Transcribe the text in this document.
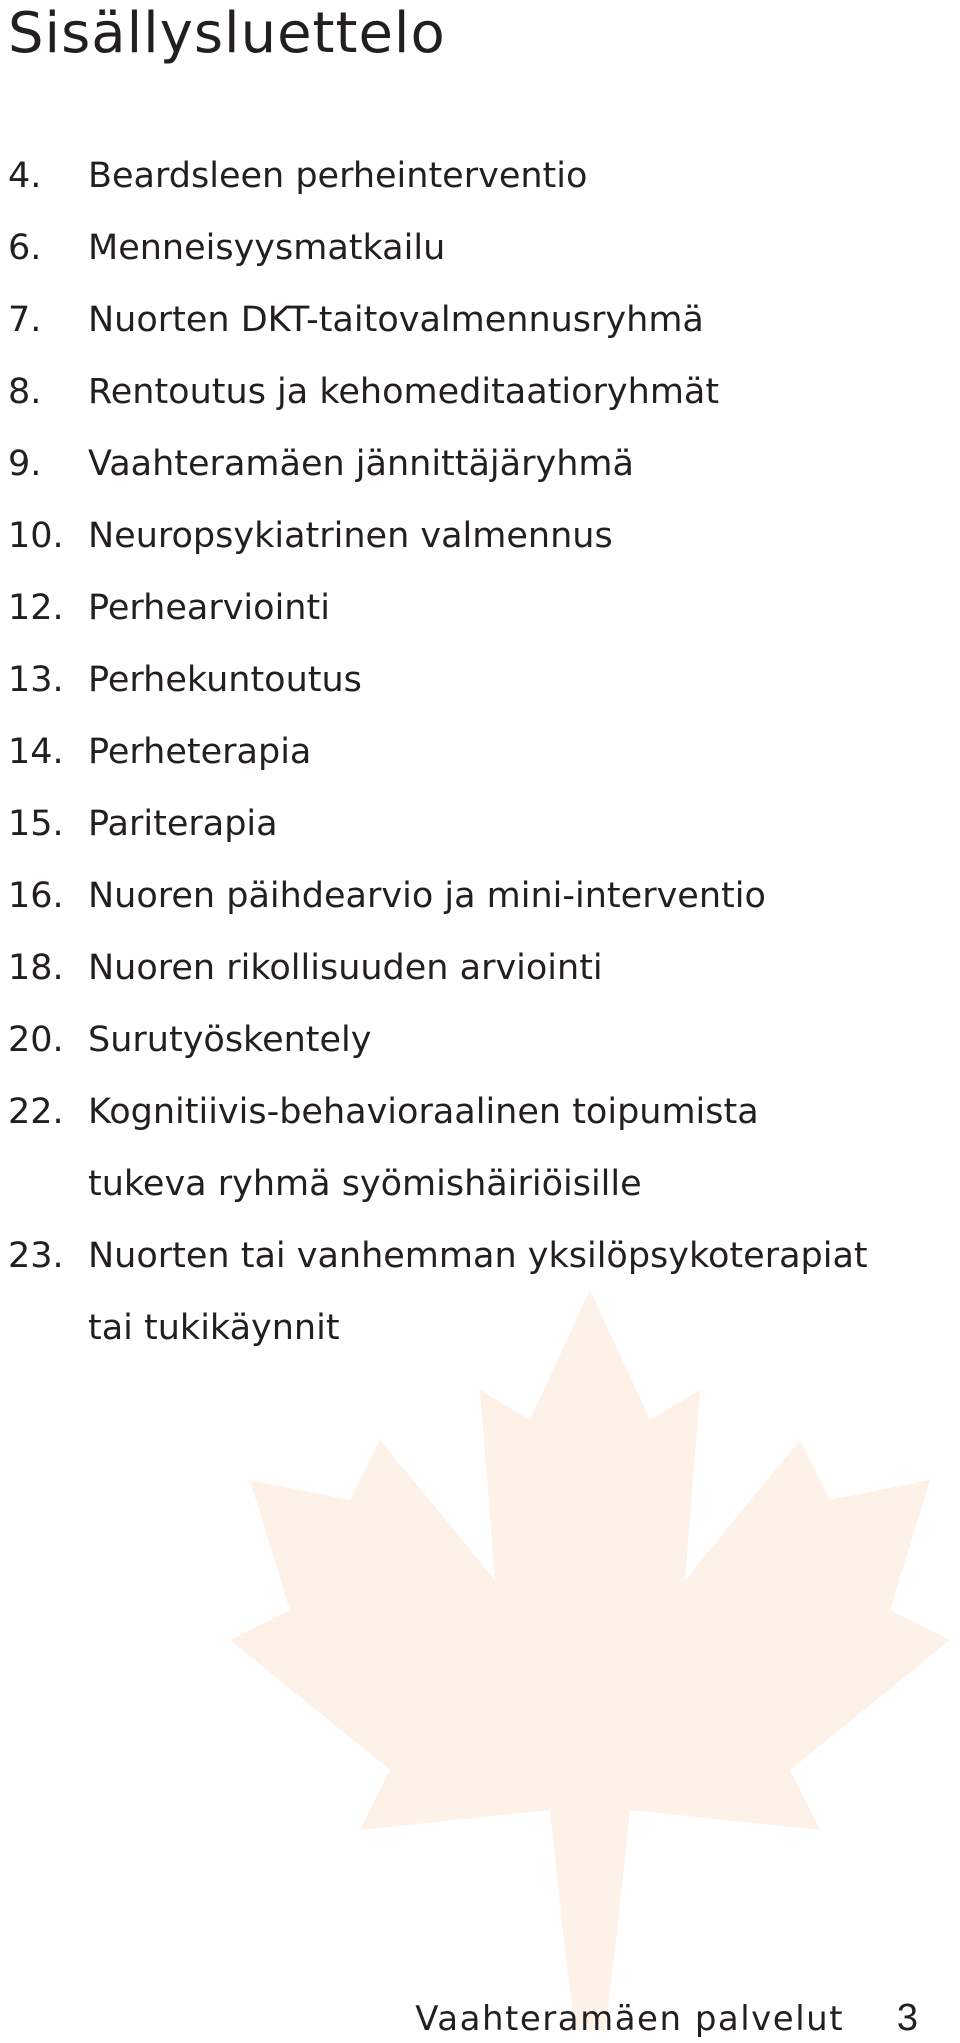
Sisällysluettelo
4.	Beardsleen perheinterventio
6.	Menneisyysmatkailu
7.	Nuorten DKT-taitovalmennusryhmä
8.	Rentoutus ja kehomeditaatioryhmät
9.	Vaahteramäen jännittäjäryhmä
10. Neuropsykiatrinen valmennus
12. Perhearviointi
13. Perhekuntoutus
14. Perheterapia
15. Pariterapia
16. Nuoren päihdearvio ja mini-interventio
18. Nuoren rikollisuuden arviointi
20. Surutyöskentely
22. Kognitiivis-behavioraalinen toipumista
tukeva ryhmä syömishäiriöisille
23. Nuorten tai vanhemman yksilöpsykoterapiat
tai tukikäynnit
Vaahteramäen palvelut 3
